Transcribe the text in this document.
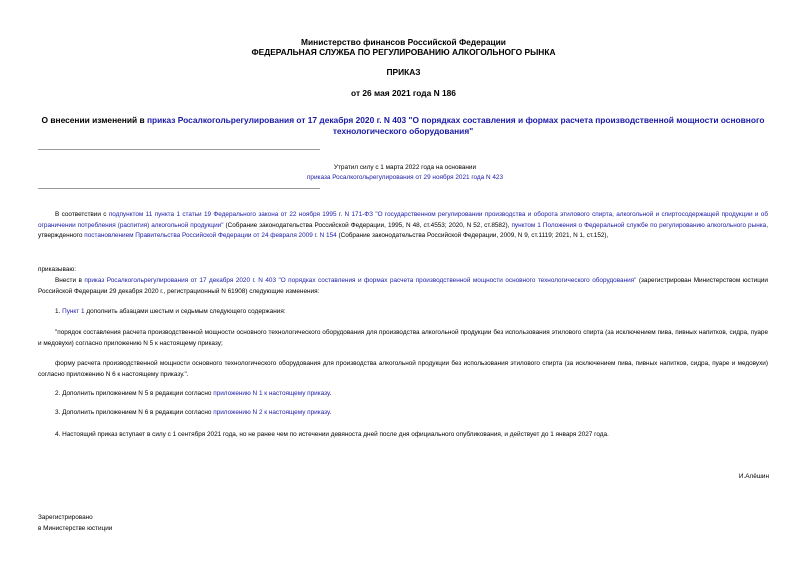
Министерство финансов Российской Федерации
ФЕДЕРАЛЬНАЯ СЛУЖБА ПО РЕГУЛИРОВАНИЮ АЛКОГОЛЬНОГО РЫНКА
ПРИКАЗ
от 26 мая 2021 года N 186
О внесении изменений в приказ Росалкогольрегулирования от 17 декабря 2020 г. N 403 "О порядках составления и формах расчета производственной мощности основного технологического оборудования"
Утратил силу с 1 марта 2022 года на основании
приказа Росалкогольрегулирования от 29 ноября 2021 года N 423
В соответствии с подпунктом 11 пункта 1 статьи 19 Федерального закона от 22 ноября 1995 г. N 171-ФЗ "О государственном регулировании производства и оборота этилового спирта, алкогольной и спиртосодержащей продукции и об ограничении потребления (распития) алкогольной продукции" (Собрание законодательства Российской Федерации, 1995, N 48, ст.4553; 2020, N 52, ст.8582), пунктом 1 Положения о Федеральной службе по регулированию алкогольного рынка, утвержденного постановлением Правительства Российской Федерации от 24 февраля 2009 г. N 154 (Собрание законодательства Российской Федерации, 2009, N 9, ст.1119; 2021, N 1, ст.152),
приказываю:
Внести в приказ Росалкогольрегулирования от 17 декабря 2020 г. N 403 "О порядках составления и формах расчета производственной мощности основного технологического оборудования" (зарегистрирован Министерством юстиции Российской Федерации 29 декабря 2020 г., регистрационный N 61908) следующие изменения:
1. Пункт 1 дополнить абзацами шестым и седьмым следующего содержания:
"порядок составления расчета производственной мощности основного технологического оборудования для производства алкогольной продукции без использования этилового спирта (за исключением пива, пивных напитков, сидра, пуаре и медовухи) согласно приложению N 5 к настоящему приказу;
форму расчета производственной мощности основного технологического оборудования для производства алкогольной продукции без использования этилового спирта (за исключением пива, пивных напитков, сидра, пуаре и медовухи) согласно приложению N 6 к настоящему приказу.".
2. Дополнить приложением N 5 в редакции согласно приложению N 1 к настоящему приказу.
3. Дополнить приложением N 6 в редакции согласно приложению N 2 к настоящему приказу.
4. Настоящий приказ вступает в силу с 1 сентября 2021 года, но не ранее чем по истечении девяноста дней после дня официального опубликования, и действует до 1 января 2027 года.
И.Алёшин
Зарегистрировано
в Министерстве юстиции
